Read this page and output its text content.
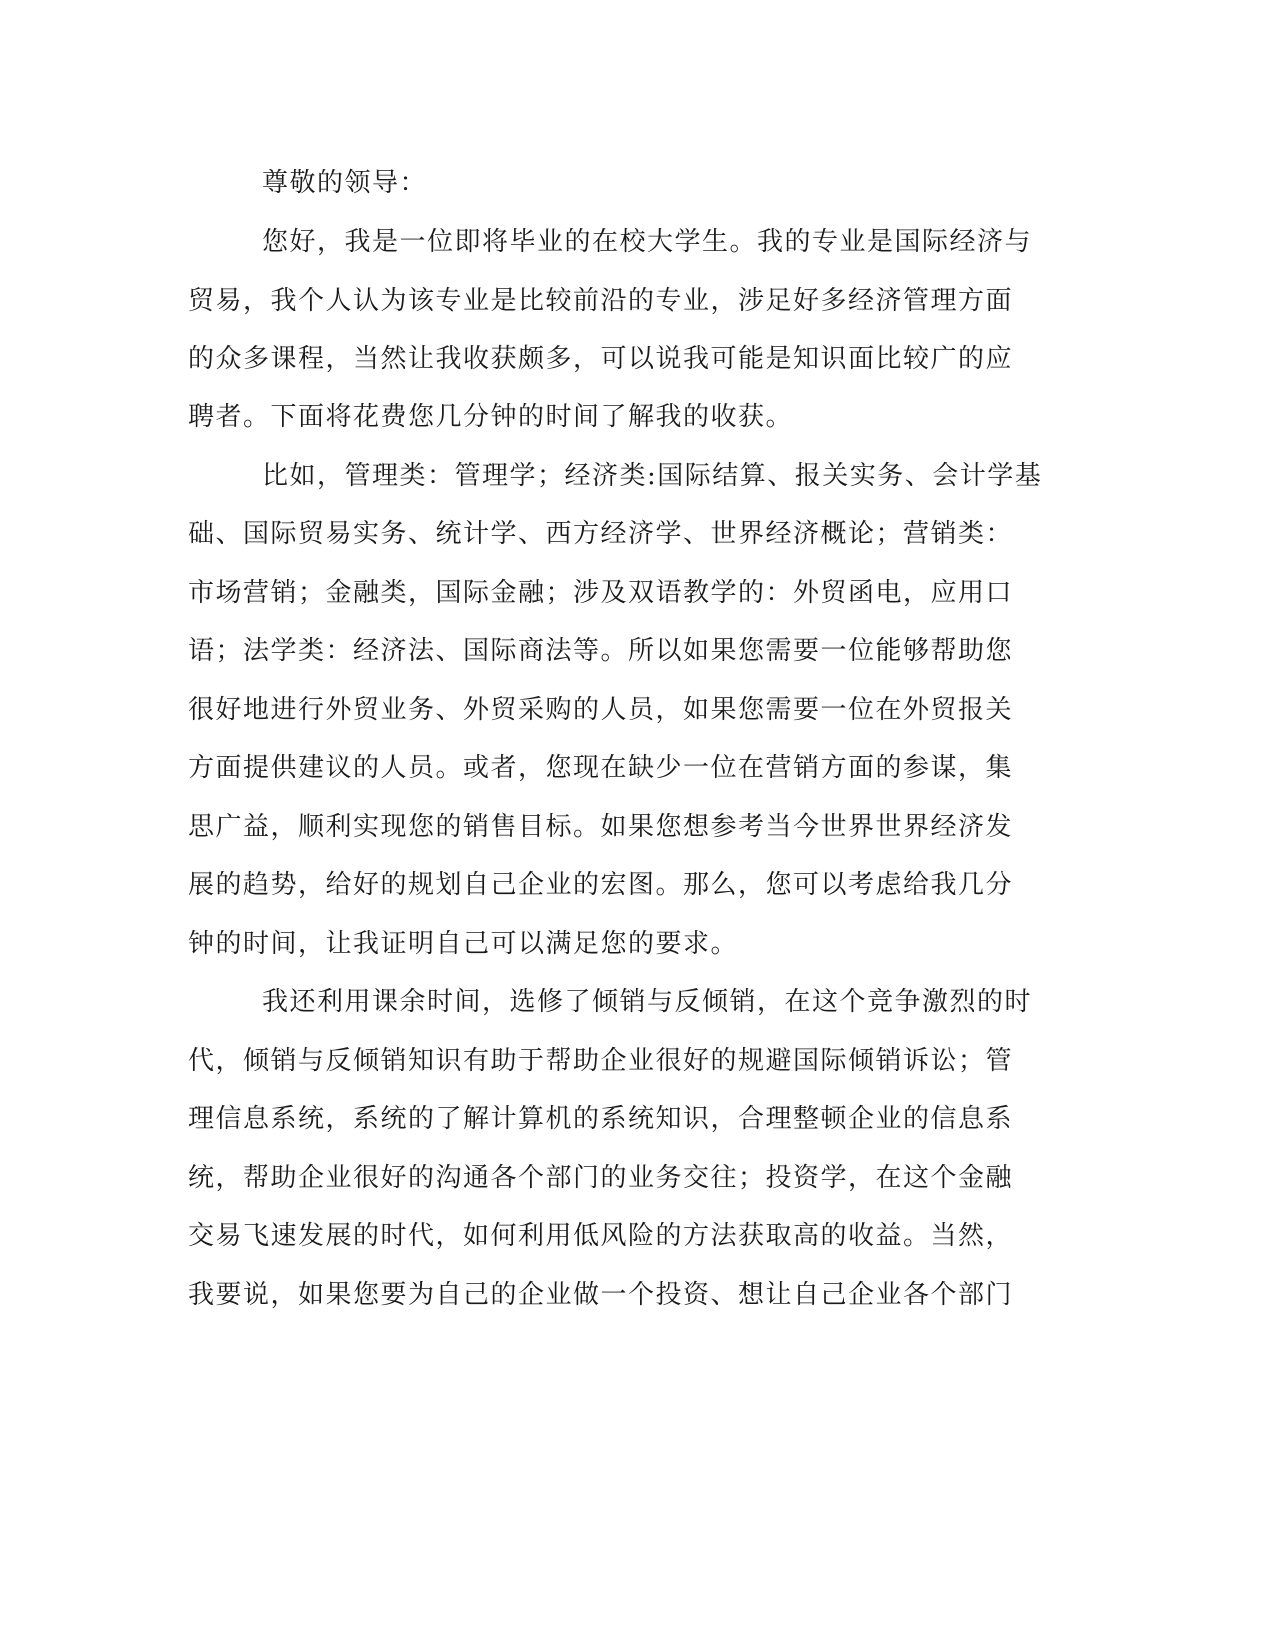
尊敬的领导：

您好，我是一位即将毕业的在校大学生。我的专业是国际经济与

贸易，我个人认为该专业是比较前沿的专业，涉足好多经济管理方面

的众多课程，当然让我收获颇多，可以说我可能是知识面比较广的应

聘者。下面将花费您几分钟的时间了解我的收获。

比如，管理类：管理学；经济类:国际结算、报关实务、会计学基

础、国际贸易实务、统计学、西方经济学、世界经济概论；营销类：

市场营销；金融类，国际金融；涉及双语教学的：外贸函电，应用口

语；法学类：经济法、国际商法等。所以如果您需要一位能够帮助您

很好地进行外贸业务、外贸采购的人员，如果您需要一位在外贸报关

方面提供建议的人员。或者，您现在缺少一位在营销方面的参谋，集

思广益，顺利实现您的销售目标。如果您想参考当今世界世界经济发

展的趋势，给好的规划自己企业的宏图。那么，您可以考虑给我几分

钟的时间，让我证明自己可以满足您的要求。

我还利用课余时间，选修了倾销与反倾销，在这个竞争激烈的时

代，倾销与反倾销知识有助于帮助企业很好的规避国际倾销诉讼；管

理信息系统，系统的了解计算机的系统知识，合理整顿企业的信息系

统，帮助企业很好的沟通各个部门的业务交往；投资学，在这个金融

交易飞速发展的时代，如何利用低风险的方法获取高的收益。当然，

我要说，如果您要为自己的企业做一个投资、想让自己企业各个部门
